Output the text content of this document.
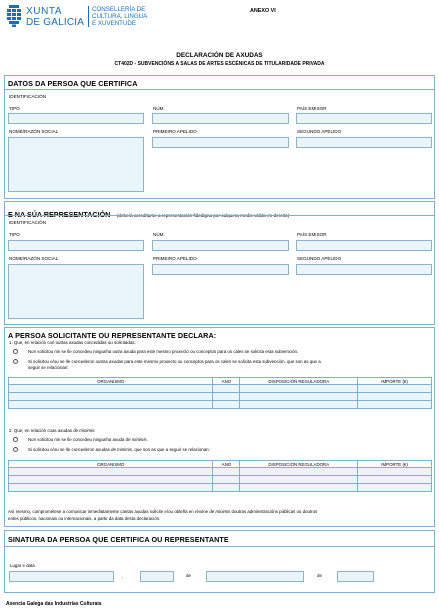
XUNTA
DE GALICIA
CONSELLERÍA DE
CULTURA, LINGUA
E XUVENTUDE
ANEXO VI
DECLARACIÓN DE AXUDAS
CT402D - SUBVENCIÓNS A SALAS DE ARTES ESCÉNICAS DE TITULARIDADE PRIVADA
DATOS DA PERSOA QUE CERTIFICA
IDENTIFICACIÓN
TIPO	NÚM.	PAÍS EMISOR
NOME/RAZÓN SOCIAL	PRIMEIRO APELIDO	SEGUNDO APELIDO
IDENTIFICACIÓN
TIPO	NÚM.	PAÍS EMISOR
NOME/RAZÓN SOCIAL	PRIMEIRO APELIDO	SEGUNDO APELIDO
A PERSOA SOLICITANTE OU REPRESENTANTE DECLARA:
1. Que, en relación con outras axudas concedidas ou solicitadas:
Non solicitou nin se lle concedeu ningunha outra axuda para este mesmo proxecto ou conceptos para os cales se solicita esta subvención.
Si solicitou e/ou se lle concederon outras axudas para este mesmo proxecto ou conceptos para os cales se solicita esta subvención, que son as que a
seguir se relacionan:
ORGANISMO	ANO	DISPOSICIÓN REGULADORA	IMPORTE (€)

2. Que, en relación coas axudas de minimis:
Non solicitou nin se lle concedeu ningunha axuda de minimis.
Si solicitou e/ou se lle concederon axudas de minimis, que son as que a seguir se relacionan:
ORGANISMO	ANO	DISPOSICIÓN REGULADORA	IMPORTE (€)

Así mesmo, comprométese a comunicar inmediatamente cantas axudas solicite e/ou obteña en réxime de minimis doutras administracións públicas ou doutros
entes públicos, nacionais ou internacionais, a partir da data desta declaración.
SINATURA DA PERSOA QUE CERTIFICA OU REPRESENTANTE
Lugar e data
,	de	de
Axencia Galega das Industrias Culturais
